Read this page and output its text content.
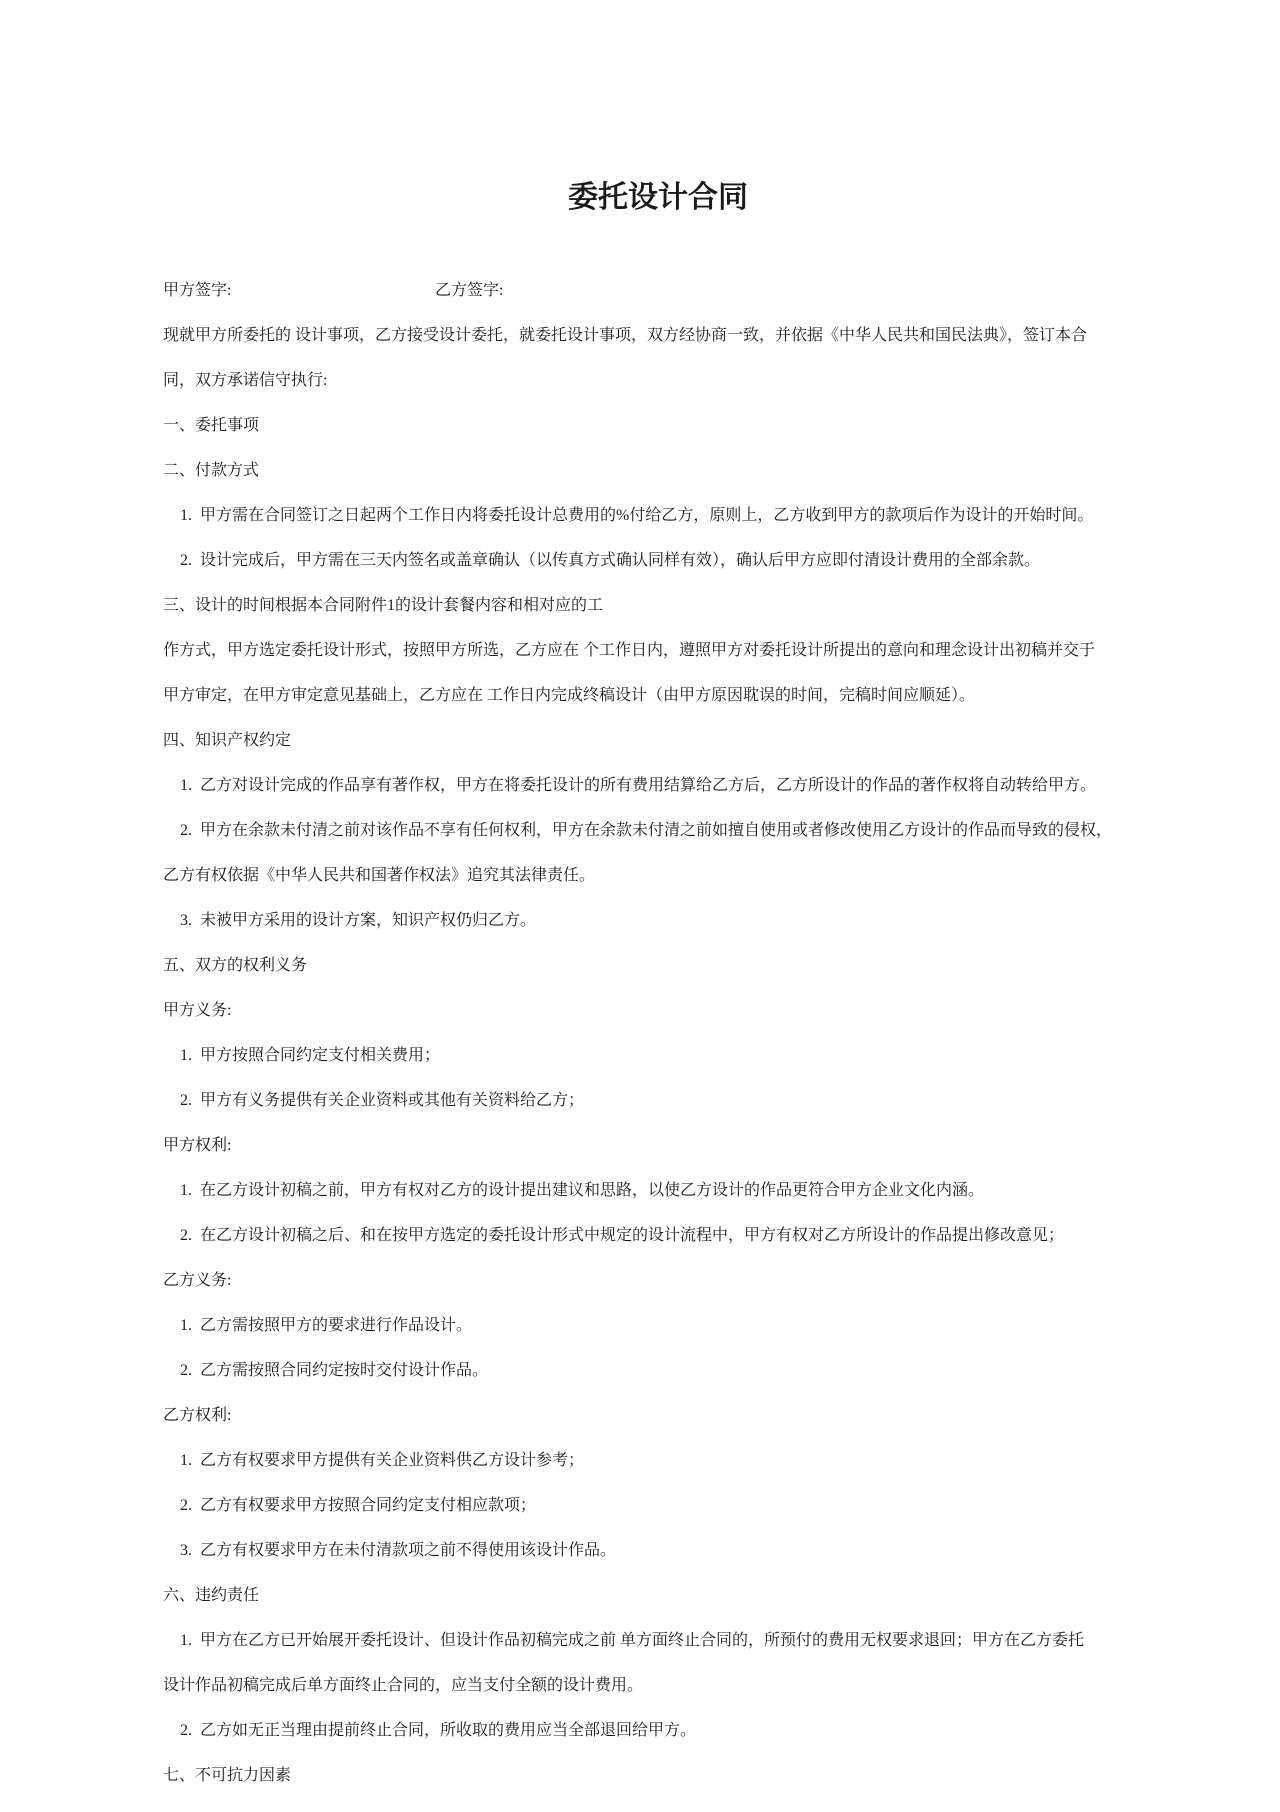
委托设计合同
甲方签字:	乙方签字:
现就甲方所委托的 设计事项，乙方接受设计委托，就委托设计事项，双方经协商一致，并依据《中华人民共和国民法典》，签订本合
同，双方承诺信守执行:
一、委托事项
二、付款方式
1.  甲方需在合同签订之日起两个工作日内将委托设计总费用的%付给乙方，原则上，乙方收到甲方的款项后作为设计的开始时间。
2.  设计完成后，甲方需在三天内签名或盖章确认（以传真方式确认同样有效），确认后甲方应即付清设计费用的全部余款。
三、设计的时间根据本合同附件1的设计套餐内容和相对应的工
作方式，甲方选定委托设计形式，按照甲方所选，乙方应在 个工作日内，遵照甲方对委托设计所提出的意向和理念设计出初稿并交于
甲方审定，在甲方审定意见基础上，乙方应在 工作日内完成终稿设计（由甲方原因耽误的时间，完稿时间应顺延）。
四、知识产权约定
1.  乙方对设计完成的作品享有著作权，甲方在将委托设计的所有费用结算给乙方后，乙方所设计的作品的著作权将自动转给甲方。
2.  甲方在余款未付清之前对该作品不享有任何权利，甲方在余款未付清之前如擅自使用或者修改使用乙方设计的作品而导致的侵权，
乙方有权依据《中华人民共和国著作权法》追究其法律责任。
3.  未被甲方采用的设计方案，知识产权仍归乙方。
五、双方的权利义务
甲方义务:
1.  甲方按照合同约定支付相关费用；
2.  甲方有义务提供有关企业资料或其他有关资料给乙方；
甲方权利:
1.  在乙方设计初稿之前，甲方有权对乙方的设计提出建议和思路，以使乙方设计的作品更符合甲方企业文化内涵。
2.  在乙方设计初稿之后、和在按甲方选定的委托设计形式中规定的设计流程中，甲方有权对乙方所设计的作品提出修改意见；
乙方义务:
1.  乙方需按照甲方的要求进行作品设计。
2.  乙方需按照合同约定按时交付设计作品。
乙方权利:
1.  乙方有权要求甲方提供有关企业资料供乙方设计参考；
2.  乙方有权要求甲方按照合同约定支付相应款项；
3.  乙方有权要求甲方在未付清款项之前不得使用该设计作品。
六、违约责任
1.  甲方在乙方已开始展开委托设计、但设计作品初稿完成之前 单方面终止合同的，所预付的费用无权要求退回；甲方在乙方委托
设计作品初稿完成后单方面终止合同的，应当支付全额的设计费用。
2.  乙方如无正当理由提前终止合同，所收取的费用应当全部退回给甲方。
七、不可抗力因素
